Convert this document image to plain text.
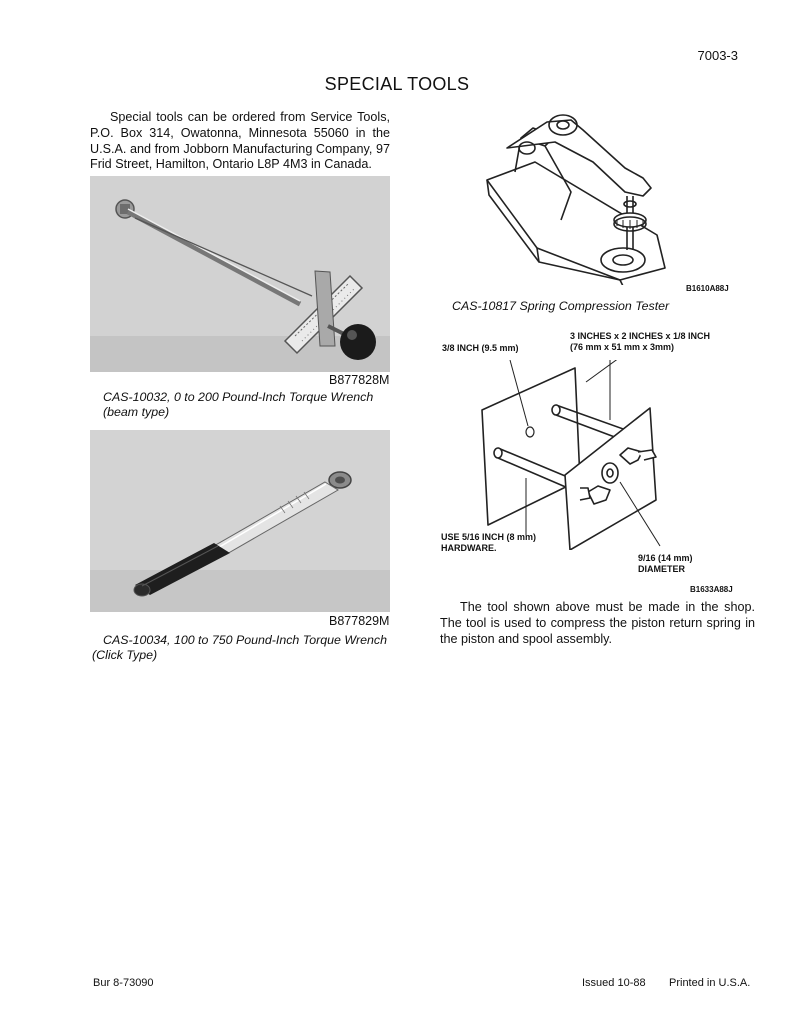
7003-3
SPECIAL TOOLS

Special tools can be ordered from Service Tools, P.O. Box 314, Owatonna, Minnesota 55060 in the U.S.A. and from Jobborn Manufacturing Company, 97 Frid Street, Hamilton, Ontario L8P 4M3 in Canada.

B877828M

CAS-10032, 0 to 200 Pound-Inch Torque Wrench

(beam type)

B877829M

CAS-10034, 100 to 750 Pound-Inch Torque Wrench

(Click Type)

B1610A88J

CAS-10817 Spring Compression Tester

3 INCHES x 2 INCHES x 1/8 INCH
(76 mm x 51 mm x 3mm)
3/8 INCH (9.5 mm)
USE 5/16 INCH (8 mm)
HARDWARE.
9/16 (14 mm)
DIAMETER
B1633A88J

The tool shown above must be made in the shop. The tool is used to compress the piston return spring in the piston and spool assembly.

Bur 8-73090	Issued 10-88 Printed in U.S.A.
